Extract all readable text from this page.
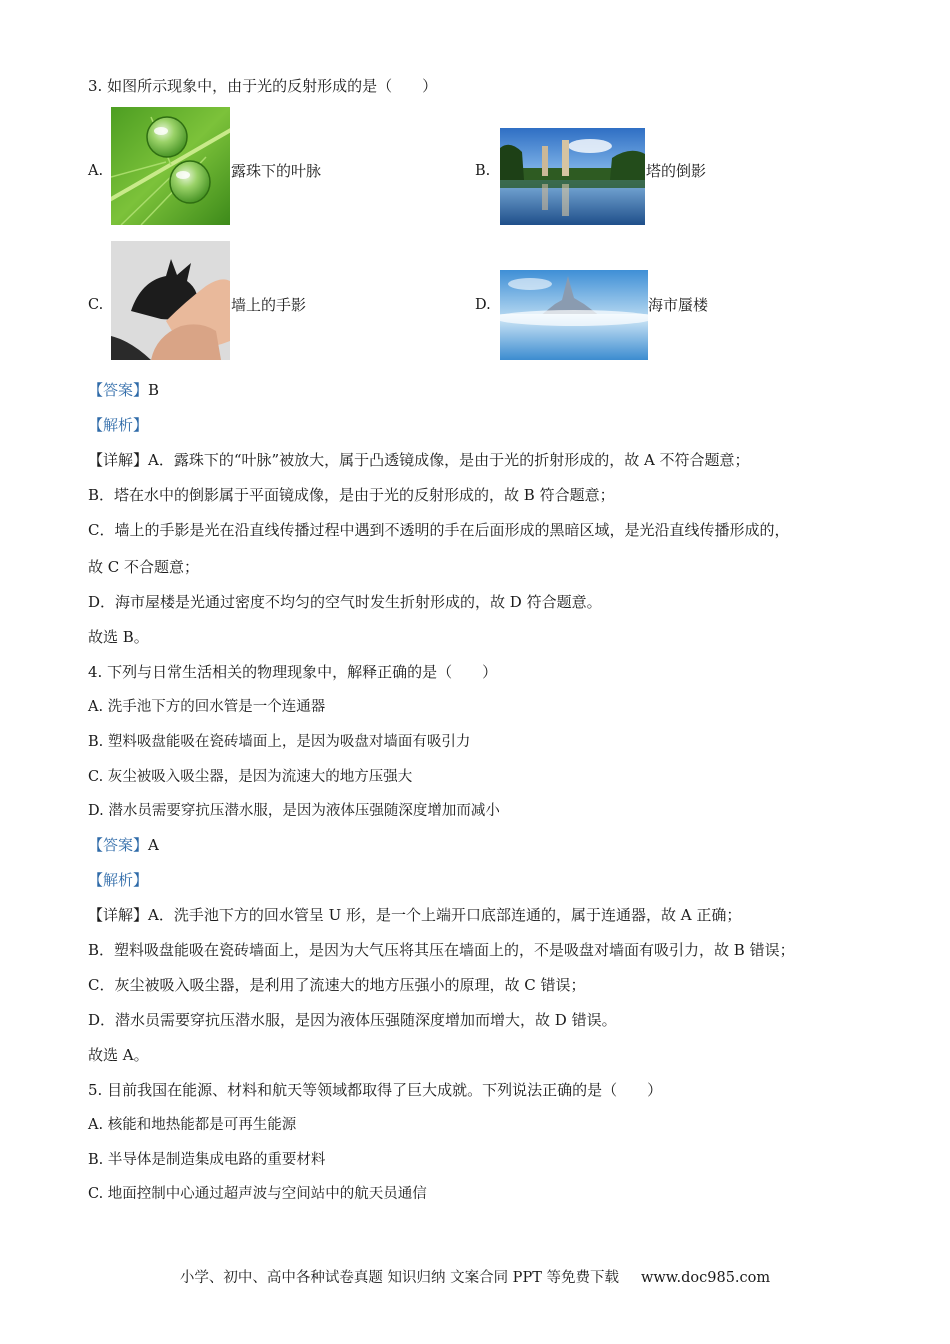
3. 如图所示现象中，由于光的反射形成的是（　　）
A.	露珠下的叶脉	B.	塔的倒影
C.	墙上的手影	D.	海市蜃楼
【答案】B
【解析】
【详解】A．露珠下的“叶脉”被放大，属于凸透镜成像，是由于光的折射形成的，故 A 不符合题意；
B．塔在水中的倒影属于平面镜成像，是由于光的反射形成的，故 B 符合题意；
C．墙上的手影是光在沿直线传播过程中遇到不透明的手在后面形成的黑暗区域，是光沿直线传播形成的，
故 C 不合题意；
D．海市屋楼是光通过密度不均匀的空气时发生折射形成的，故 D 符合题意。
故选 B。
4. 下列与日常生活相关的物理现象中，解释正确的是（　　）
A. 洗手池下方的回水管是一个连通器
B. 塑料吸盘能吸在瓷砖墙面上，是因为吸盘对墙面有吸引力
C. 灰尘被吸入吸尘器，是因为流速大的地方压强大
D. 潜水员需要穿抗压潜水服，是因为液体压强随深度增加而减小
【答案】A
【解析】
【详解】A．洗手池下方的回水管呈 U 形，是一个上端开口底部连通的，属于连通器，故 A 正确；
B．塑料吸盘能吸在瓷砖墙面上，是因为大气压将其压在墙面上的，不是吸盘对墙面有吸引力，故 B 错误；
C．灰尘被吸入吸尘器，是利用了流速大的地方压强小的原理，故 C 错误；
D．潜水员需要穿抗压潜水服，是因为液体压强随深度增加而增大，故 D 错误。
故选 A。
5. 目前我国在能源、材料和航天等领域都取得了巨大成就。下列说法正确的是（　　）
A. 核能和地热能都是可再生能源
B. 半导体是制造集成电路的重要材料
C. 地面控制中心通过超声波与空间站中的航天员通信
小学、初中、高中各种试卷真题 知识归纳 文案合同 PPT 等免费下载 www.doc985.com
